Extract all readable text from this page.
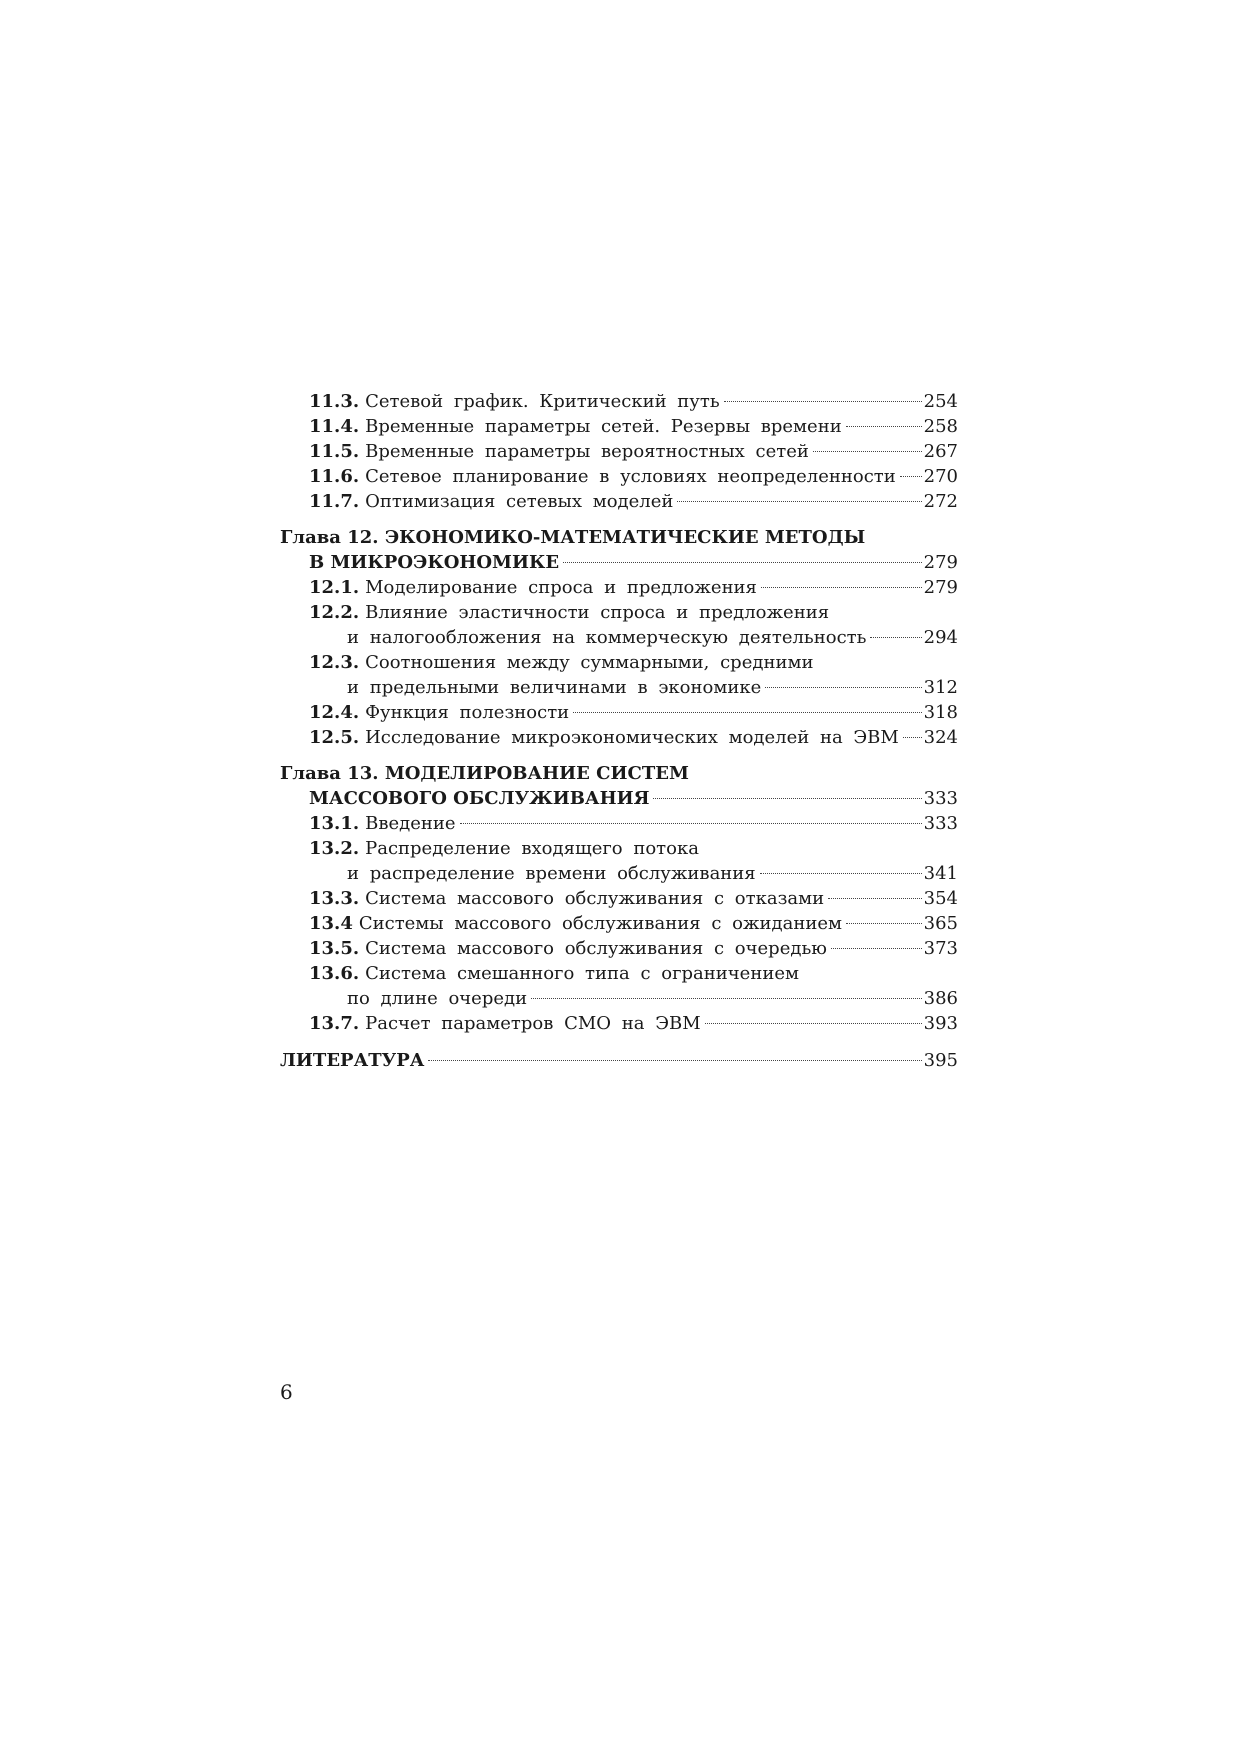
11.3. Сетевой график. Критический путь	254
11.4. Временные параметры сетей. Резервы времени	258
11.5. Временные параметры вероятностных сетей	267
11.6. Сетевое планирование в условиях неопределенности 270
11.7. Оптимизация сетевых моделей	272
Глава 12.
ЭКОНОМИКО-МАТЕМАТИЧЕСКИЕ МЕТОДЫ
В МИКРОЭКОНОМИКЕ	279
12.1. Моделирование спроса и предложения	279
12.2. Влияние эластичности спроса и предложения
и налогообложения на коммерческую деятельность	294
12.3. Соотношения между суммарными, средними
и предельными величинами в экономике	312
12.4. Функция полезности	318
12.5. Исследование микроэкономических моделей на ЭВМ 324
Глава 13.
МОДЕЛИРОВАНИЕ СИСТЕМ
МАССОВОГО ОБСЛУЖИВАНИЯ	333
13.1. Введение	333
13.2. Распределение входящего потока
и распределение времени обслуживания	341
13.3. Система массового обслуживания с отказами	354
13.4 Системы массового обслуживания с ожиданием	365
13.5. Система массового обслуживания с очередью	373
13.6. Система смешанного типа с ограничением
по длине очереди	386
13.7. Расчет параметров СМО на ЭВМ	393
ЛИТЕРАТУРА	395
6
